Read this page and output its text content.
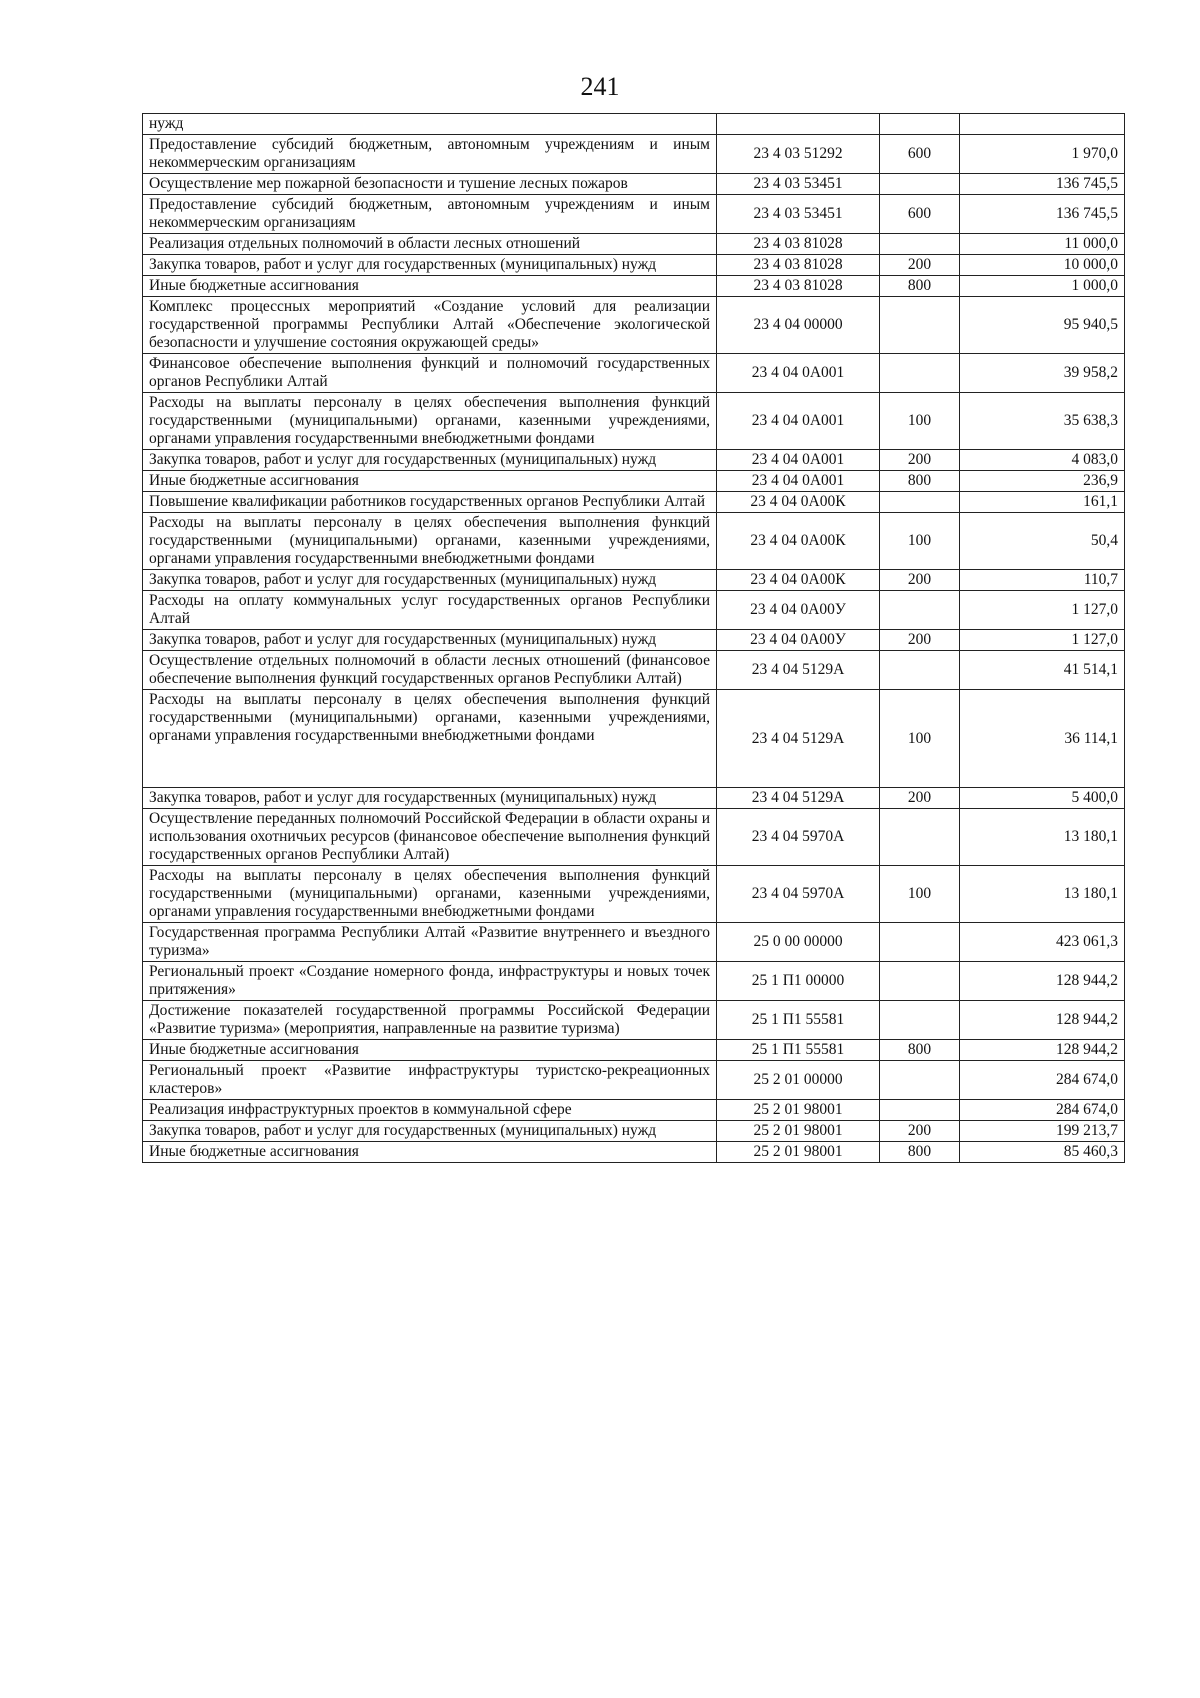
241
нужд			
Предоставление субсидий бюджетным, автономным учреждениям и иным некоммерческим организациям	23 4 03 51292	600	1 970,0
Осуществление мер пожарной безопасности и тушение лесных пожаров	23 4 03 53451		136 745,5
Предоставление субсидий бюджетным, автономным учреждениям и иным некоммерческим организациям	23 4 03 53451	600	136 745,5
Реализация отдельных полномочий в области лесных отношений	23 4 03 81028		11 000,0
Закупка товаров, работ и услуг для государственных (муниципальных) нужд	23 4 03 81028	200	10 000,0
Иные бюджетные ассигнования	23 4 03 81028	800	1 000,0
Комплекс процессных мероприятий «Создание условий для реализации государственной программы Республики Алтай «Обеспечение экологической безопасности и улучшение состояния окружающей среды»	23 4 04 00000		95 940,5
Финансовое обеспечение выполнения функций и полномочий государственных органов Республики Алтай	23 4 04 0А001		39 958,2
Расходы на выплаты персоналу в целях обеспечения выполнения функций государственными (муниципальными) органами, казенными учреждениями, органами управления государственными внебюджетными фондами	23 4 04 0А001	100	35 638,3
Закупка товаров, работ и услуг для государственных (муниципальных) нужд	23 4 04 0А001	200	4 083,0
Иные бюджетные ассигнования	23 4 04 0А001	800	236,9
Повышение квалификации работников государственных органов Республики Алтай	23 4 04 0А00К		161,1
Расходы на выплаты персоналу в целях обеспечения выполнения функций государственными (муниципальными) органами, казенными учреждениями, органами управления государственными внебюджетными фондами	23 4 04 0А00К	100	50,4
Закупка товаров, работ и услуг для государственных (муниципальных) нужд	23 4 04 0А00К	200	110,7
Расходы на оплату коммунальных услуг государственных органов Республики Алтай	23 4 04 0А00У		1 127,0
Закупка товаров, работ и услуг для государственных (муниципальных) нужд	23 4 04 0А00У	200	1 127,0
Осуществление отдельных полномочий в области лесных отношений (финансовое обеспечение выполнения функций государственных органов Республики Алтай)	23 4 04 5129А		41 514,1
Расходы на выплаты персоналу в целях обеспечения выполнения функций государственными (муниципальными) органами, казенными учреждениями, органами управления государственными внебюджетными фондами	23 4 04 5129А	100	36 114,1
Закупка товаров, работ и услуг для государственных (муниципальных) нужд	23 4 04 5129А	200	5 400,0
Осуществление переданных полномочий Российской Федерации в области охраны и использования охотничьих ресурсов (финансовое обеспечение выполнения функций государственных органов Республики Алтай)	23 4 04 5970А		13 180,1
Расходы на выплаты персоналу в целях обеспечения выполнения функций государственными (муниципальными) органами, казенными учреждениями, органами управления государственными внебюджетными фондами	23 4 04 5970А	100	13 180,1
Государственная программа Республики Алтай «Развитие внутреннего и въездного туризма»	25 0 00 00000		423 061,3
Региональный проект «Создание номерного фонда, инфраструктуры и новых точек притяжения»	25 1 П1 00000		128 944,2
Достижение показателей государственной программы Российской Федерации «Развитие туризма» (мероприятия, направленные на развитие туризма)	25 1 П1 55581		128 944,2
Иные бюджетные ассигнования	25 1 П1 55581	800	128 944,2
Региональный проект «Развитие инфраструктуры туристско-рекреационных кластеров»	25 2 01 00000		284 674,0
Реализация инфраструктурных проектов в коммунальной сфере	25 2 01 98001		284 674,0
Закупка товаров, работ и услуг для государственных (муниципальных) нужд	25 2 01 98001	200	199 213,7
Иные бюджетные ассигнования	25 2 01 98001	800	85 460,3
